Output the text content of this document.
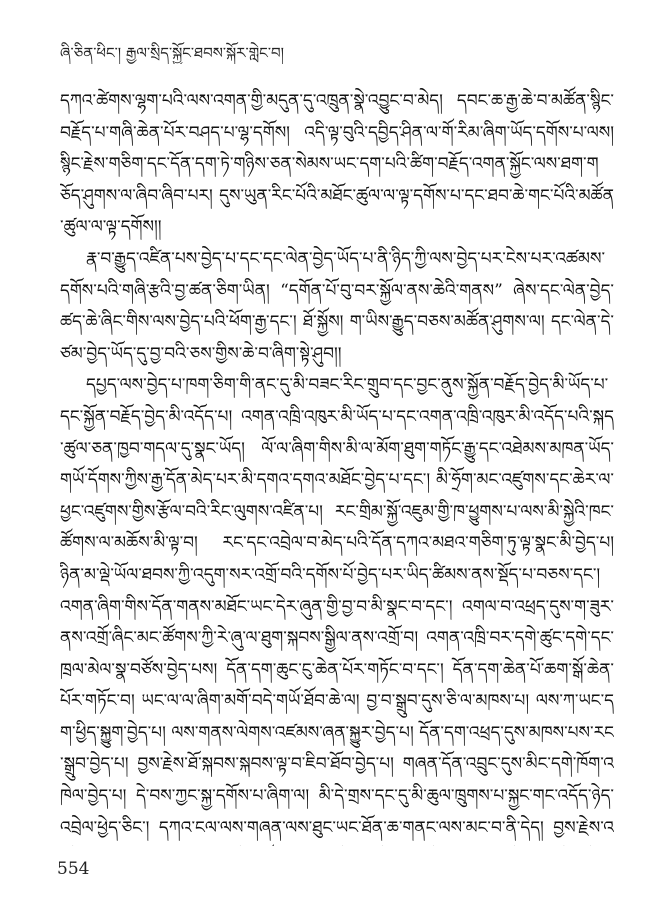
ཞི་ཅིན་ཕིང་། རྒྱལ་སྲིད་སྐྱོང་ཐབས་སྐོར་གླེང་བ།

དཀའ་ཚེགས་ལྷག་པའི་ལས་འགན་གྱི་མདུན་དུ་འཁྲུན་སྣེ་འབྱུང་བ་མེད། དབང་ཆ་རྒྱ་ཆེ་བ་མཚོན་སྙིང་བརྗོད་པ་གཞི་ཆེན་པོར་བཤད་པ་ལྷ་དགོས། འདི་ལྟ་བུའི་དབྱིད་ཤིན་ལ་གོ་རིམ་ཞིག་ཡོད་དགོས་པ་ལས། སྙིང་རྗེས་གཅིག་དང་དོན་དག་ཏེ་གཉིས་ཅན་སེམས་ཡང་དག་པའི་ཚིག་བརྗོད་འགན་སྐྱོང་ལས་ཐག་གཅོད་ཤུགས་ལ་ཞིབ་ཞིབ་པར། དུས་ཡུན་རིང་པོའི་མཐོང་ཚུལ་ལ་ལྟ་དགོས་པ་དང་ཐབ་ཆེ་གང་པོའི་མཚོན་ཚུལ་ལ་ལྟ་དགོས།།

རྣ་བ་རྒྱུད་འཛིན་པས་བྱེད་པ་དང་དང་ལེན་བྱེད་ཡོད་པ་ནི་ཉིད་ཀྱི་ལས་བྱེད་པར་ངེས་པར་འཚམས་དགོས་པའི་གཞི་རྩའི་བྱ་ཚན་ཅིག་ཡིན། “དགོན་པོ་བུ་བར་སྐྱོལ་ནས་ཆེའི་གནས” ཞེས་དང་ལེན་བྱེད་ཚད་ཆེ་ཞིང་གིས་ལས་བྱེད་པའི་ཕོག་རྒྱ་དང་། ཐོ་སྐྱོས། ག་ཡིས་རྒྱུད་བཅས་མཚོན་ཤུགས་ལ། དང་ལེན་དེ་ཙམ་བྱེད་ཡོད་དུ་བྱ་བའི་ཅས་གྱིས་ཆེ་བ་ཞིག་སྟེ་ཤུབ།།

དཔྱད་ལས་བྱེད་པ་ཁག་ཅིག་གི་ནང་དུ་མི་བཟང་རིང་གྲུབ་དང་བྱང་ནུས་སྐྱོན་བརྗོད་བྱེད་མི་ཡོད་པ་དང་སྐྱོན་བརྗོད་བྱེད་མི་འདོད་པ། འགན་འཁྲི་འཁུར་མི་ཡོད་པ་དང་འགན་འཁྲི་འཁུར་མི་འདོད་པའི་སྐད་ཚུལ་ཅན་ཁྱབ་གདལ་དུ་སྣང་ཡོད། ལོ་ལ་ཞིག་གིས་མི་ལ་མོག་ཐུག་གཏོང་རྒྱུ་དང་འཐེམས་མཁན་ཡོད་གཡོ་དོགས་ཀྱིས་རྒྱ་དོན་མེད་པར་མི་དགའ་དགའ་མཐོང་བྱེད་པ་དང་། མི་ཧྲོག་མང་འཛུགས་དང་ཆེར་ལ་ཕྱང་འཛུགས་གྱིས་རྩོལ་བའི་རིང་ལུགས་འཛིན་པ། རང་གྲིམ་སྐྱོ་འཇུམ་གྱི་ཁ་ཕྱུགས་པ་ལས་མི་སྐྱེའི་ཁང་ཚོགས་ལ་མཆོས་མི་ལྟ་བ། རང་དང་འབྲེལ་བ་མེད་པའི་དོན་དཀའ་མཐའ་གཅིག་ཏུ་ལྟ་སྣང་མི་བྱེད་པ། ཉིན་མ་ལྡེ་ཡོལ་ཐབས་ཀྱི་འདུག་སར་འགྲོ་བའི་དགོས་པོ་བྱེད་པར་ཡིད་ཚིམས་ནས་སྡོད་པ་བཅས་དང་། འགན་ཞིག་གིས་དོན་གནས་མཐོང་ཡང་དེར་ཞུན་གྱི་བྱ་བ་མི་སྣང་བ་དང་། འགལ་བ་འཕྲད་དུས་ག་ཟུར་ནས་འགྲོ་ཞིང་མང་ཚོགས་ཀྱི་རེ་ཞུ་ལ་ཐུག་སྐབས་སྒྱིལ་ནས་འགྲོ་བ། འགན་འཁྲི་བར་དགེ་ཚུང་དགེ་དང་ཁྲལ་མེལ་སྣ་བཙོས་བྱེད་པས། དོན་དག་ཆུང་ངུ་ཆེན་པོར་གཏོང་བ་དང་། དོན་དག་ཆེན་པོ་ཆག་སྒོ་ཆེན་པོར་གཏོང་བ། ཡང་ལ་ལ་ཞིག་མགོ་བདེ་གཡོ་ཐོབ་ཆེ་ལ། བྱ་བ་སྒྲུབ་དུས་ཅི་ལ་མཁས་པ། ལས་ཀ་ཡང་དག་ཕྱིད་སྐྱུག་བྱེད་པ། ལས་གནས་ལེགས་འཛམས་ཞན་སྐྱུར་བྱེད་པ། དོན་དག་འཕྲད་དུས་མཁས་པས་རང་སྒྲུབ་བྱེད་པ། བྱས་རྗེས་ཐོ་སྐབས་སྐབས་ལྟ་བ་ཇིབ་ཐོབ་བྱེད་པ། གཞན་དོན་འབྲུང་དུས་མིང་དགེ་ཁོག་འཁེལ་བྱེད་པ། དེ་བས་ཀྱང་སྐྱ་དགོས་པ་ཞིག་ལ། མི་དེ་གྲས་དང་དུ་མི་ཆུལ་ཁྲུགས་པ་སྐྱང་གང་འདོད་ཉེད་འབྲེལ་ཕྱེད་ཅིང་། དཀའ་ངལ་ལས་གཞན་ལས་ཐུང་ཡང་ཐོན་ཆ་གནང་ལས་མང་བ་ནི་དེད། བྱས་རྗེས་འ

554
